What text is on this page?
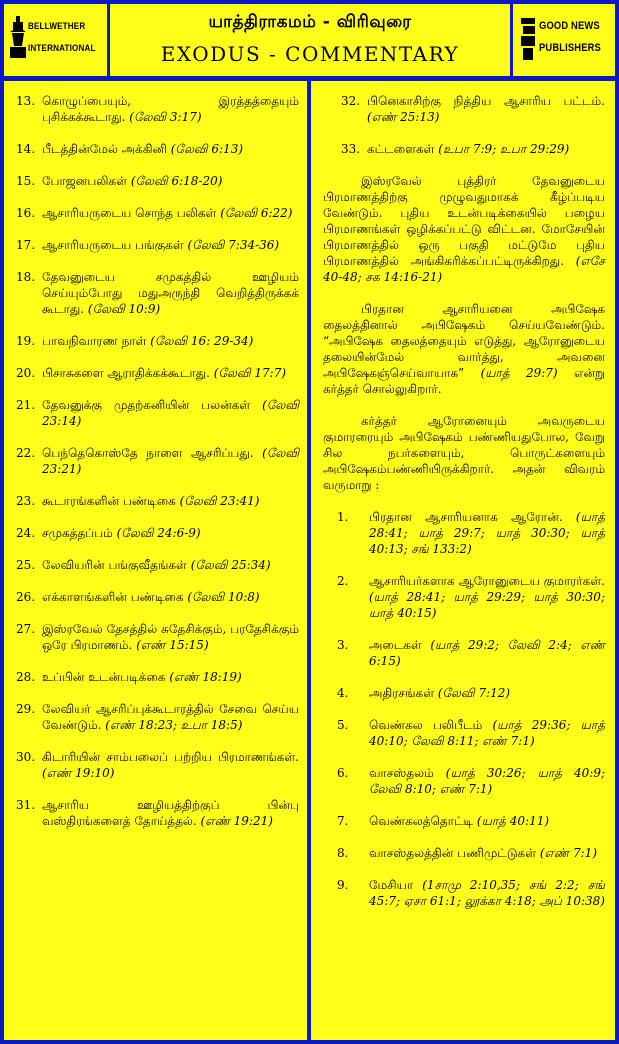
BELLWETHER
INTERNATIONAL
யாத்திராகமம் - விரிவுரை
EXODUS - COMMENTARY
GOOD NEWS
PUBLISHERS
13. கொழுப்பையும், இரத்தத்தையும் புசிக்கக்கூடாது. (லேவி 3:17)
14. பீடத்தின்மேல் அக்கினி (லேவி 6:13)
15. போஜனபலிகள் (லேவி 6:18-20)
16. ஆசாரியருடைய சொந்த பலிகள் (லேவி 6:22)
17. ஆசாரியருடைய பங்குகள் (லேவி 7:34-36)
18. தேவனுடைய சமுகத்தில் ஊழியம் செய்யும்போது மதுஅருந்தி வெறித்திருக்கக் கூடாது. (லேவி 10:9)
19. பாவநிவாரண நாள் (லேவி 16: 29-34)
20. பிசாசுகளை ஆராதிக்கக்கூடாது. (லேவி 17:7)
21. தேவனுக்கு முதற்கனியின் பலன்கள் (லேவி 23:14)
22. பெந்தெகொஸ்தே நாளை ஆசரிப்பது. (லேவி 23:21)
23. கூடாரங்களின் பண்டிகை (லேவி 23:41)
24. சமுகத்தப்பம் (லேவி 24:6-9)
25. லேவியரின் பங்குவீதங்கள் (லேவி 25:34)
26. எக்காளங்களின் பண்டிகை (லேவி 10:8)
27. இஸ்ரவேல் தேசத்தில் சுதேசிக்கும், பரதேசிக்கும் ஒரே பிரமாணம். (எண் 15:15)
28. உப்பின் உடன்படிக்கை (எண் 18:19)
29. லேவியர் ஆசரிப்புக்கூடாரத்தில் சேவை செய்ய வேண்டும். (எண் 18:23; உபா 18:5)
30. கிடாரியின் சாம்பலைப் பற்றிய பிரமாணங்கள். (எண் 19:10)
31. ஆசாரிய ஊழியத்திற்குப் பின்பு வஸ்திரங்களைத் தோய்த்தல். (எண் 19:21)
32. பினெகாசிற்கு நித்திய ஆசாரிய பட்டம். (எண் 25:13)
33. கட்டளைகள் (உபா 7:9; உபா 29:29)

இஸ்ரவேல் புத்திரர் தேவனுடைய பிரமாணத்திற்கு முழுவதுமாகக் கீழ்ப்படிய வேண்டும். புதிய உடன்படிக்கையில் பழைய பிரமாணங்கள் ஒழிக்கப்பட்டு விட்டன. மோசேயின் பிரமாணத்தில் ஒரு பகுதி மட்டுமே புதிய பிரமாணத்தில் அங்கிகரிக்கப்பட்டிருக்கிறது. (எசே 40-48; சக 14:16-21)

பிரதான ஆசாரியனை அபிஷேக தைலத்தினால் அபிஷேகம் செய்யவேண்டும். “அபிஷேக தைலத்தையும் எடுத்து, ஆரோனுடைய தலையின்மேல் வார்த்து, அவனை அபிஷேகஞ்செய்வாயாக” (யாத் 29:7) என்று கர்த்தர் சொல்லுகிறார்.

கர்த்தர் ஆரோனையும் அவருடைய குமாரரையும் அபிஷேகம் பண்ணியதுபோல, வேறு சில நபர்களையும், பொருட்களையும் அபிஷேகம்பண்ணியிருக்கிறார். அதன் விவரம் வருமாறு :

1.	பிரதான ஆசாரியனாக ஆரோன். (யாத் 28:41; யாத் 29:7; யாத் 30:30; யாத் 40:13; சங் 133:2)
2.	ஆசாரியர்களாக ஆரோனுடைய குமாரர்கள். (யாத் 28:41; யாத் 29:29; யாத் 30:30; யாத் 40:15)
3.	அடைகள் (யாத் 29:2; லேவி 2:4; எண் 6:15)
4.	அதிரசங்கள் (லேவி 7:12)
5.	வெண்கல பலிபீடம் (யாத் 29:36; யாத் 40:10; லேவி 8:11; எண் 7:1)
6.	வாசஸ்தலம் (யாத் 30:26; யாத் 40:9; லேவி 8:10; எண் 7:1)
7.	வெண்கலத்தொட்டி (யாத் 40:11)
8.	வாசஸ்தலத்தின் பணிமுட்டுகள் (எண் 7:1)
9.	மேசியா (1சாமு 2:10,35; சங் 2:2; சங் 45:7; ஏசா 61:1; லூக்கா 4:18; அப் 10:38)
